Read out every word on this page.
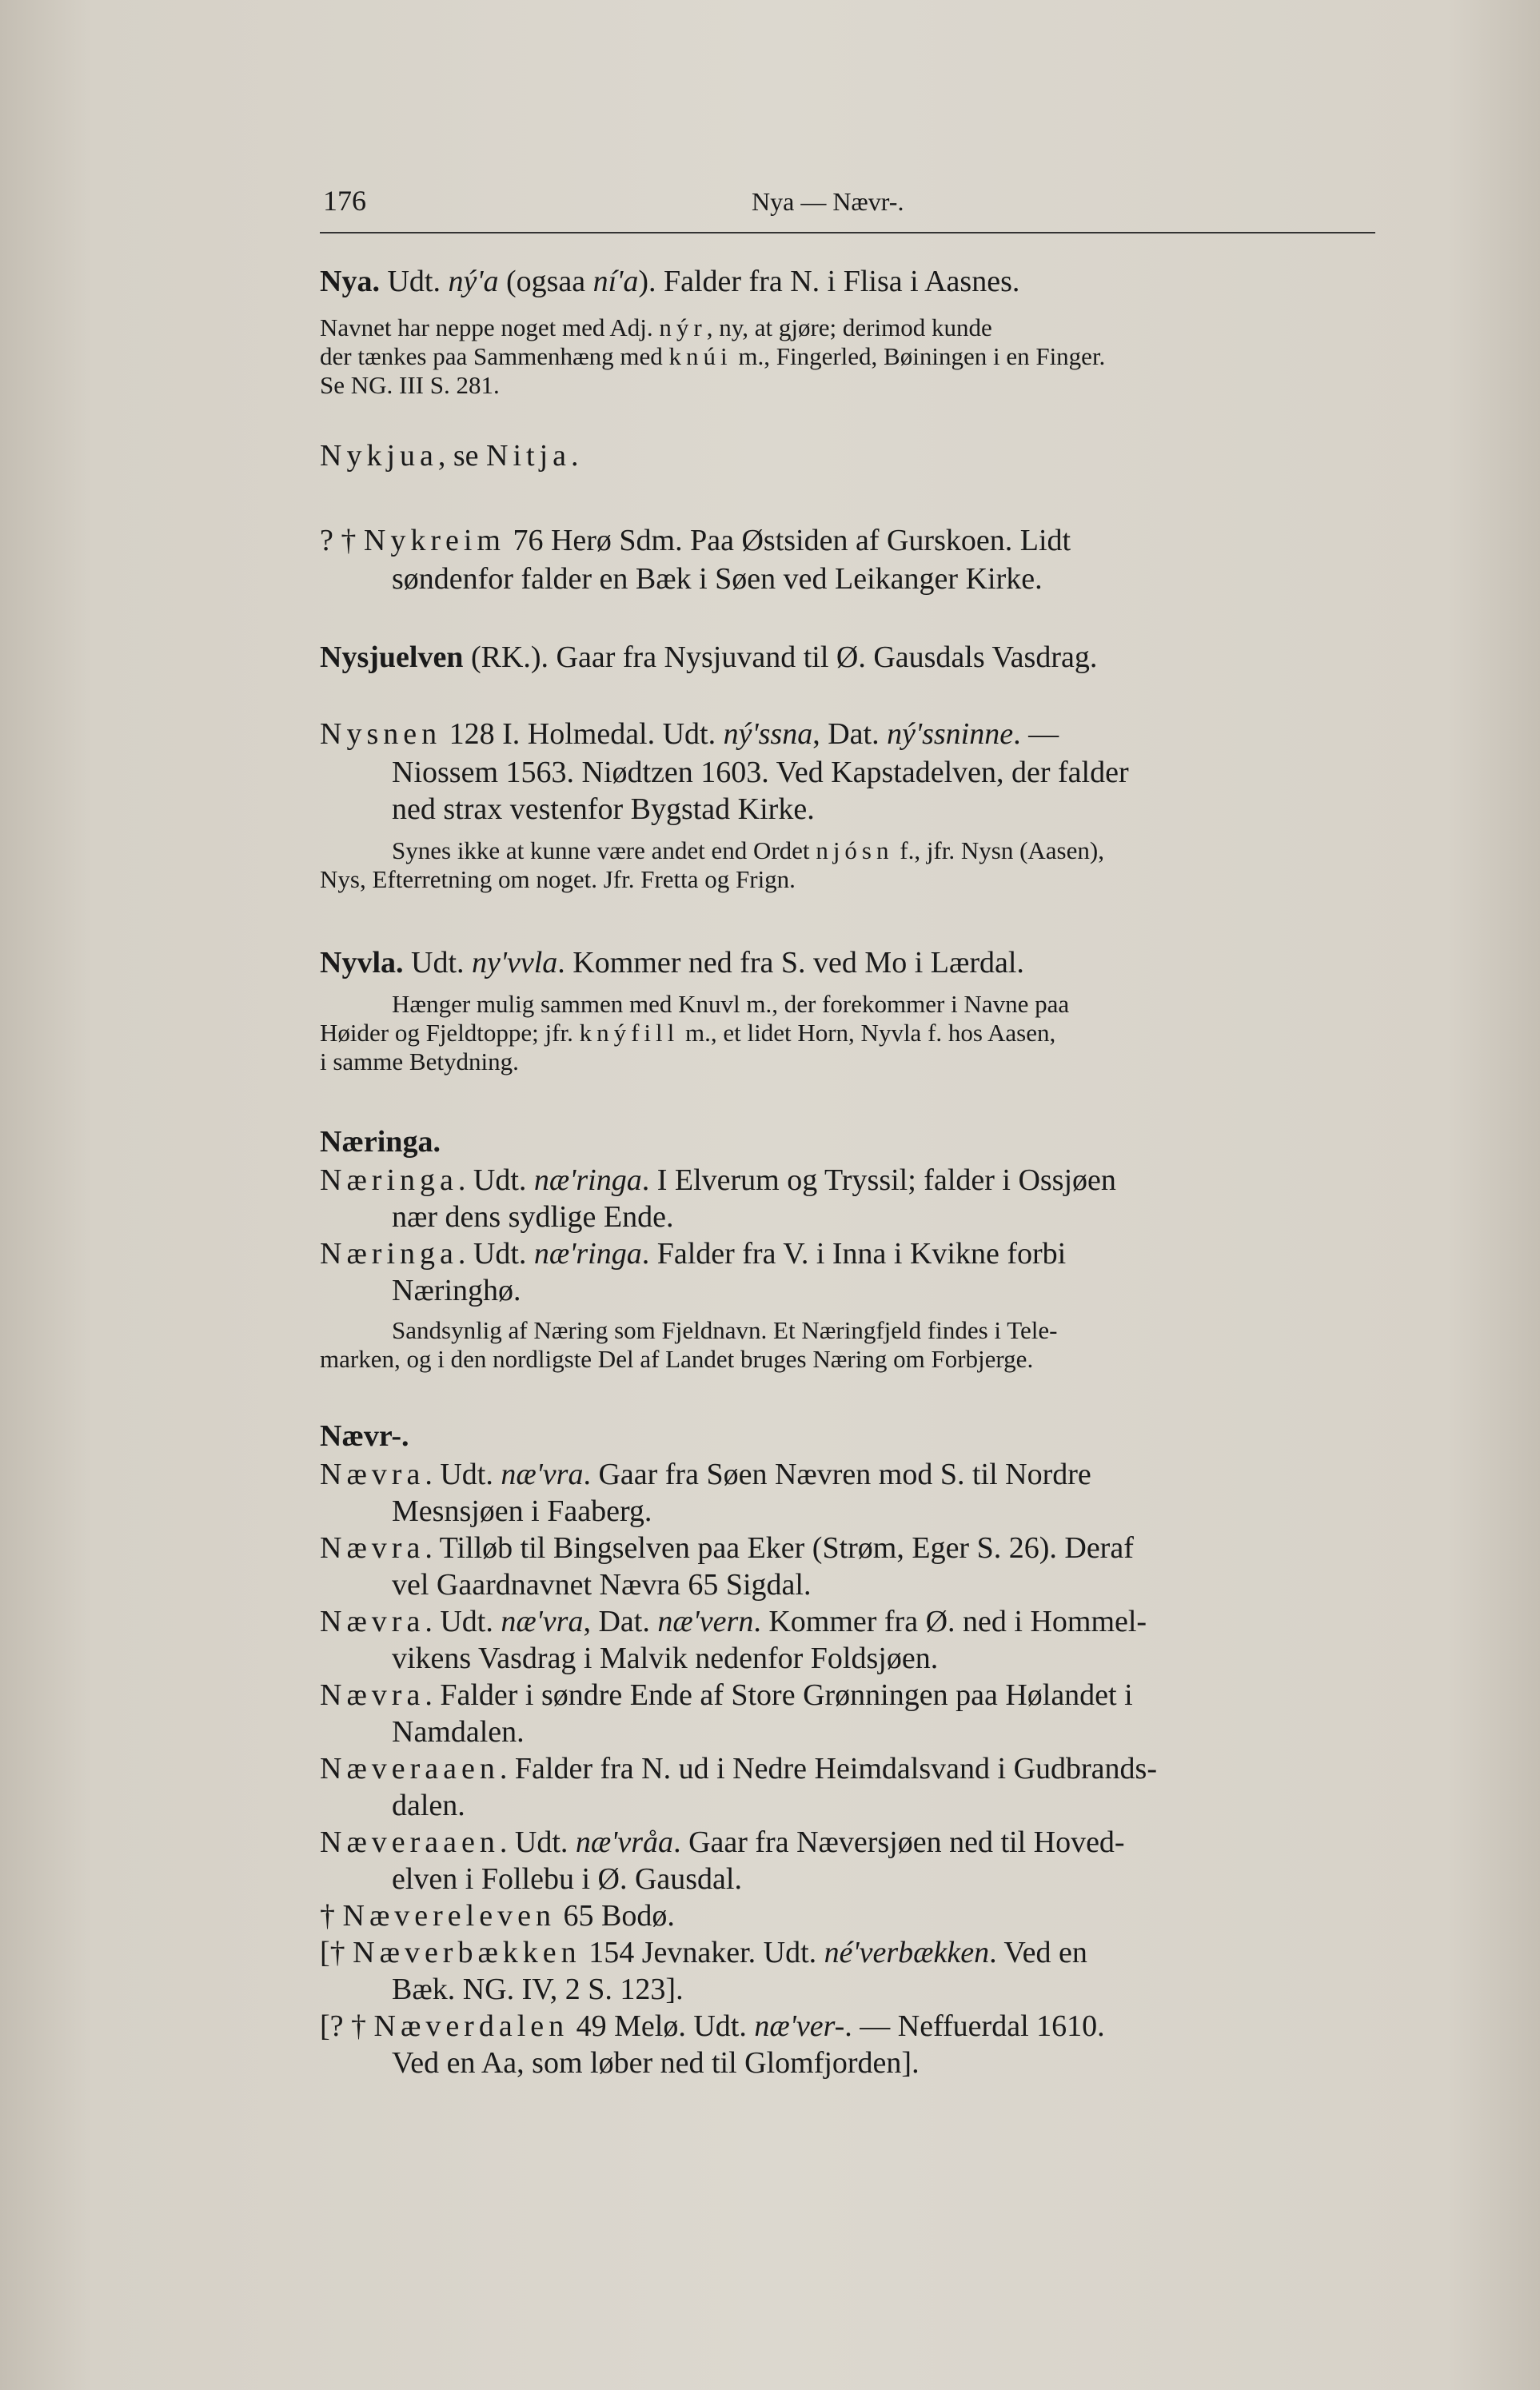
176	Nya — Nævr-.
Nya. Udt. ný'a (ogsaa ní'a). Falder fra N. i Flisa i Aasnes.
Navnet har neppe noget med Adj. nýr, ny, at gjøre; derimod kunde
der tænkes paa Sammenhæng med knúi m., Fingerled, Bøiningen i en Finger.
Se NG. III S. 281.
Nykjua, se Nitja.
? † Nykreim 76 Herø Sdm. Paa Østsiden af Gurskoen. Lidt
søndenfor falder en Bæk i Søen ved Leikanger Kirke.
Nysjuelven (RK.). Gaar fra Nysjuvand til Ø. Gausdals Vasdrag.
Nysnen 128 I. Holmedal. Udt. ný'ssna, Dat. ný'ssninne. —
Niossem 1563. Niødtzen 1603. Ved Kapstadelven, der falder
ned strax vestenfor Bygstad Kirke.
Synes ikke at kunne være andet end Ordet njósn f., jfr. Nysn (Aasen),
Nys, Efterretning om noget. Jfr. Fretta og Frign.
Nyvla. Udt. ny'vvla. Kommer ned fra S. ved Mo i Lærdal.
Hænger mulig sammen med Knuvl m., der forekommer i Navne paa
Høider og Fjeldtoppe; jfr. knýfill m., et lidet Horn, Nyvla f. hos Aasen,
i samme Betydning.
Næringa.
Næringa. Udt. næ'ringa. I Elverum og Tryssil; falder i Ossjøen
nær dens sydlige Ende.
Næringa. Udt. næ'ringa. Falder fra V. i Inna i Kvikne forbi
Næringhø.
Sandsynlig af Næring som Fjeldnavn. Et Næringfjeld findes i Tele-
marken, og i den nordligste Del af Landet bruges Næring om Forbjerge.
Nævr-.
Nævra. Udt. næ'vra. Gaar fra Søen Nævren mod S. til Nordre
Mesnsjøen i Faaberg.
Nævra. Tilløb til Bingselven paa Eker (Strøm, Eger S. 26). Deraf
vel Gaardnavnet Nævra 65 Sigdal.
Nævra. Udt. næ'vra, Dat. næ'vern. Kommer fra Ø. ned i Hommel-
vikens Vasdrag i Malvik nedenfor Foldsjøen.
Nævra. Falder i søndre Ende af Store Grønningen paa Hølandet i
Namdalen.
Næveraaen. Falder fra N. ud i Nedre Heimdalsvand i Gudbrands-
dalen.
Næveraaen. Udt. næ'vråa. Gaar fra Næversjøen ned til Hoved-
elven i Follebu i Ø. Gausdal.
† Nævereleven 65 Bodø.
[† Næverbækken 154 Jevnaker. Udt. né'verbækken. Ved en
Bæk. NG. IV, 2 S. 123].
[? † Næverdalen 49 Melø. Udt. næ'ver-. — Neffuerdal 1610.
Ved en Aa, som løber ned til Glomfjorden].
